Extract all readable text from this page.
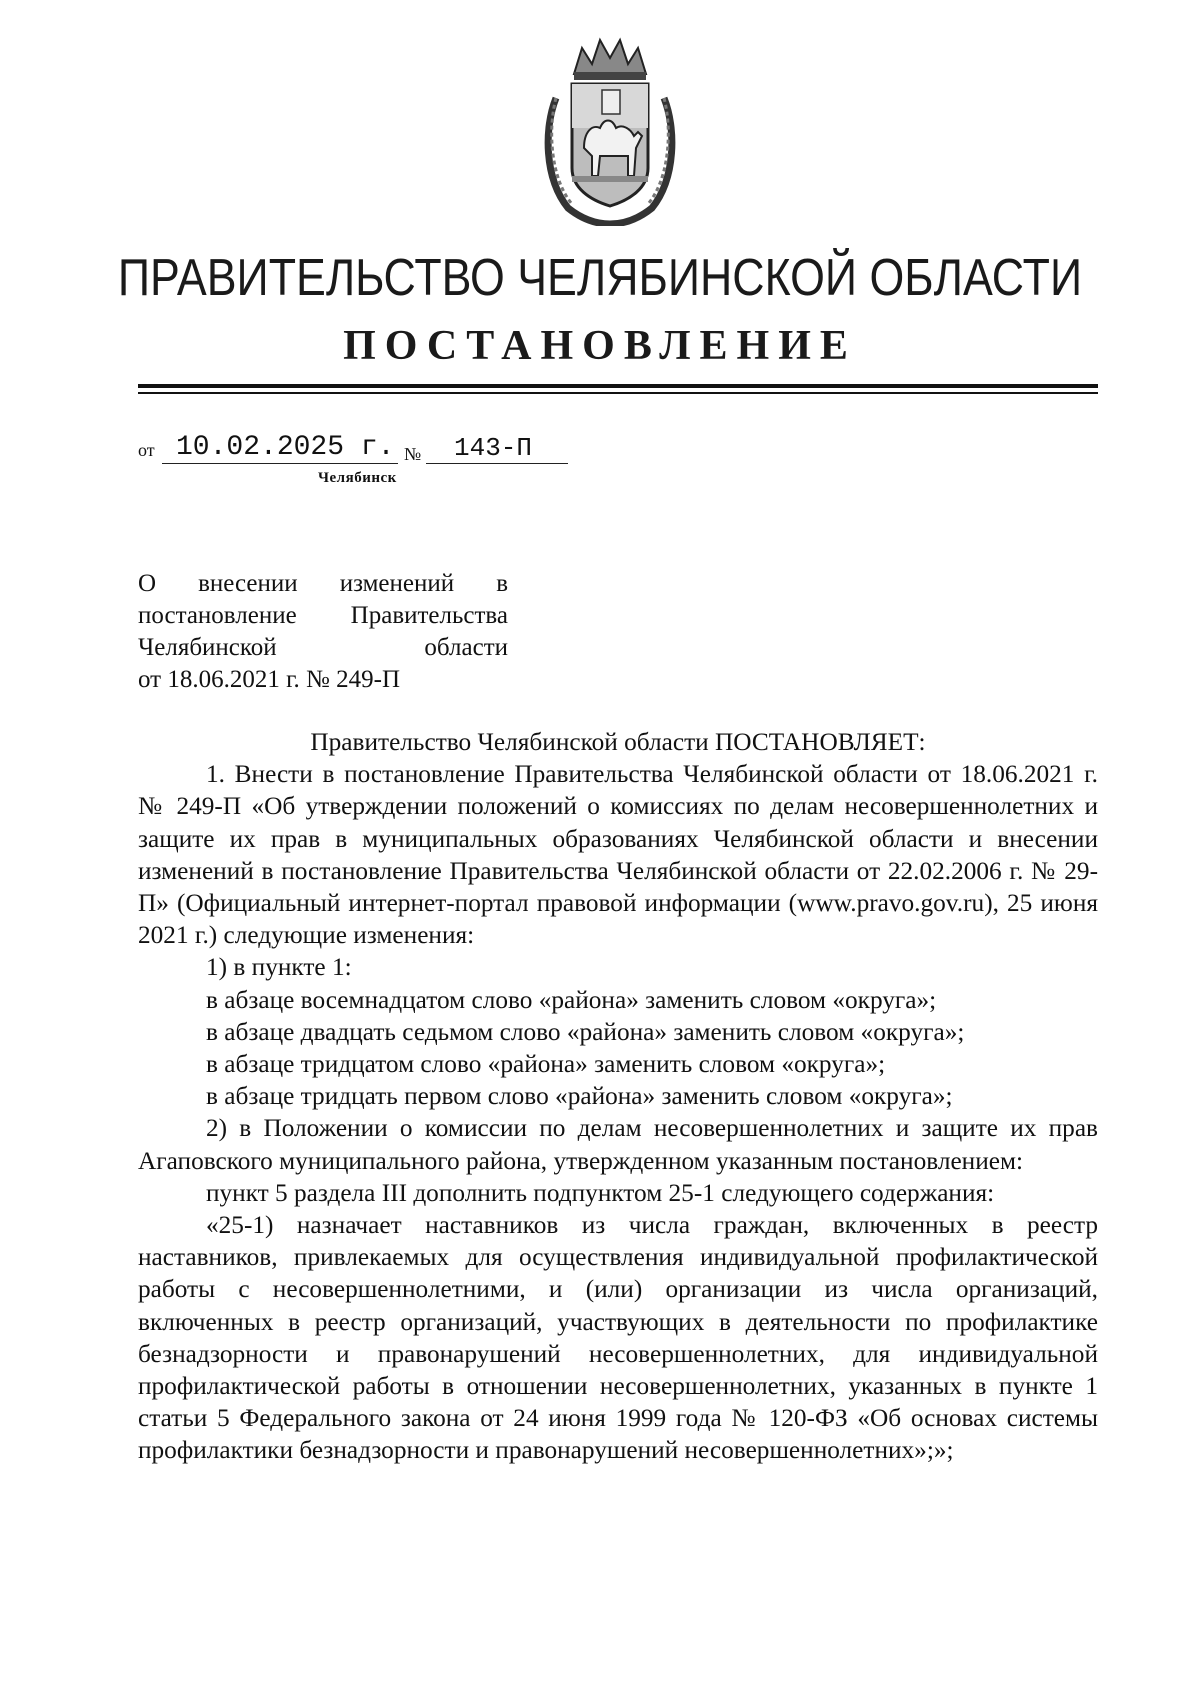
ПРАВИТЕЛЬСТВО ЧЕЛЯБИНСКОЙ ОБЛАСТИ
ПОСТАНОВЛЕНИЕ
от 10.02.2025 г. №	143-П
Челябинск
О внесении изменений в
постановление Правительства
Челябинской области
от 18.06.2021 г. № 249-П

Правительство Челябинской области ПОСТАНОВЛЯЕТ:

1. Внести в постановление Правительства Челябинской области от 18.06.2021 г. № 249-П «Об утверждении положений о комиссиях по делам несовершеннолетних и защите их прав в муниципальных образованиях Челябинской области и внесении изменений в постановление Правительства Челябинской области от 22.02.2006 г. № 29-П» (Официальный интернет-портал правовой информации (www.pravo.gov.ru), 25 июня 2021 г.) следующие изменения:

1) в пункте 1:

в абзаце восемнадцатом слово «района» заменить словом «округа»;

в абзаце двадцать седьмом слово «района» заменить словом «округа»;

в абзаце тридцатом слово «района» заменить словом «округа»;

в абзаце тридцать первом слово «района» заменить словом «округа»;

2) в Положении о комиссии по делам несовершеннолетних и защите их прав Агаповского муниципального района, утвержденном указанным постановлением:

пункт 5 раздела III дополнить подпунктом 25-1 следующего содержания:

«25-1) назначает наставников из числа граждан, включенных в реестр наставников, привлекаемых для осуществления индивидуальной профилактической работы с несовершеннолетними, и (или) организации из числа организаций, включенных в реестр организаций, участвующих в деятельности по профилактике безнадзорности и правонарушений несовершеннолетних, для индивидуальной профилактической работы в отношении несовершеннолетних, указанных в пункте 1 статьи 5 Федерального закона от 24 июня 1999 года № 120-ФЗ «Об основах системы профилактики безнадзорности и правонарушений несовершеннолетних»;»;
